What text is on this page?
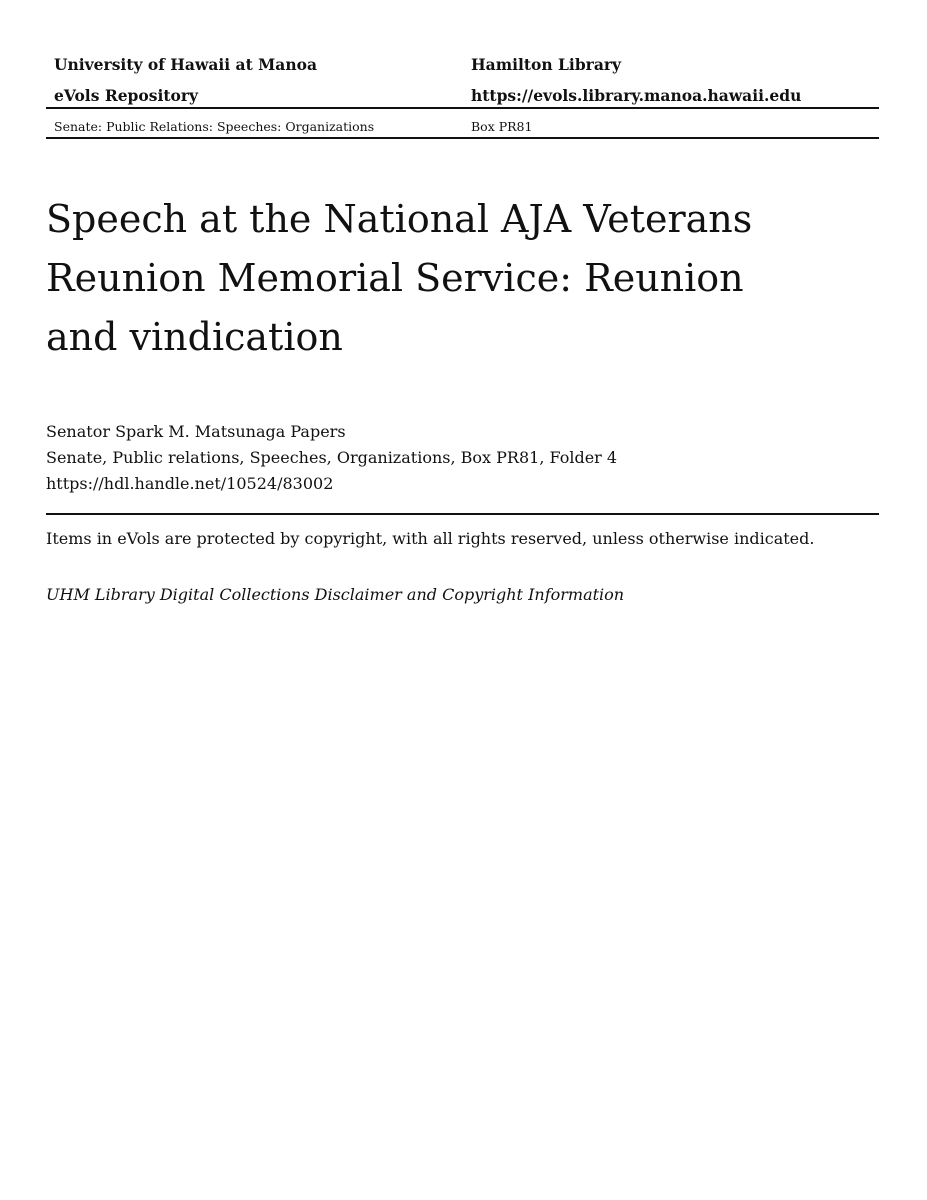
University of Hawaii at Manoa	Hamilton Library
eVols Repository	https://evols.library.manoa.hawaii.edu
Senate: Public Relations: Speeches: Organizations	Box PR81
Speech at the National AJA Veterans
Reunion Memorial Service: Reunion
and vindication
Senator Spark M. Matsunaga Papers
Senate, Public relations, Speeches, Organizations, Box PR81, Folder 4
https://hdl.handle.net/10524/83002
Items in eVols are protected by copyright, with all rights reserved, unless otherwise indicated.
UHM Library Digital Collections Disclaimer and Copyright Information
